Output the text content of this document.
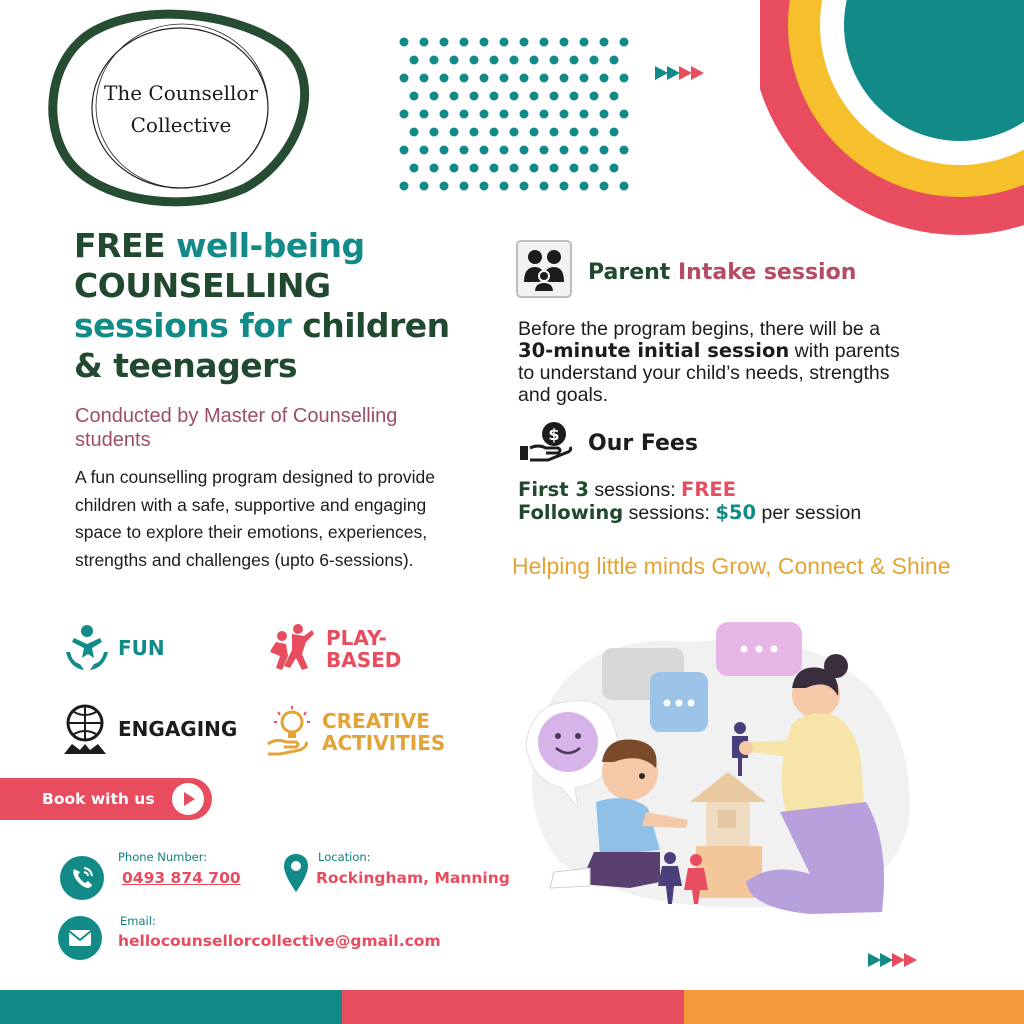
The Counsellor
Collective
FREE well-being
COUNSELLING
sessions for children
& teenagers
Conducted by Master of Counselling students
A fun counselling program designed to provide children with a safe, supportive and engaging space to explore their emotions, experiences, strengths and challenges (upto 6-sessions).
FUN	PLAY-
BASED
ENGAGING	CREATIVE
ACTIVITIES
Book with us
Phone Number:
0493 874 700
Location:
Rockingham, Manning
Email:
hellocounsellorcollective@gmail.com
Parent Intake session
Before the program begins, there will be a 30-minute initial session with parents to understand your child’s needs, strengths and goals.
$ Our Fees
First 3 sessions: FREE
Following sessions: $50 per session
Helping little minds Grow, Connect & Shine
